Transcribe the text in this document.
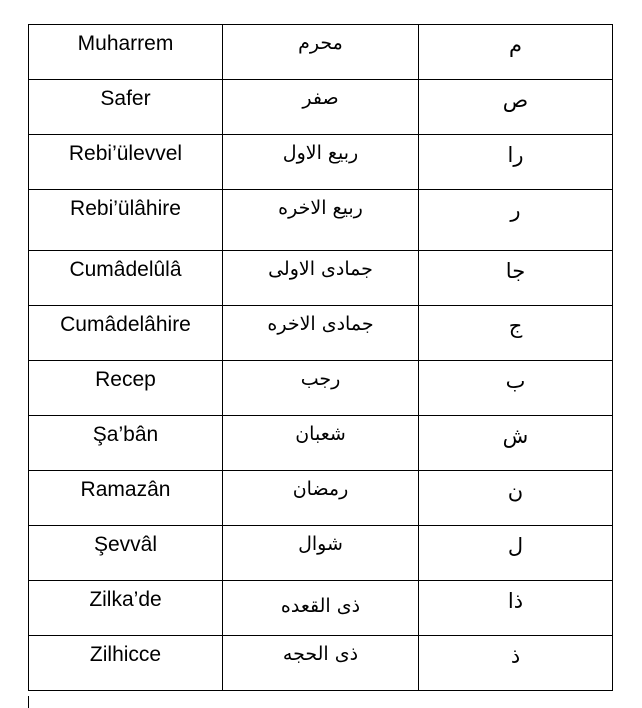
Muharrem	محرم	م

Safer	صفر	ص

Rebi’ülevvel	ربيع الاول	را

Rebi’ülâhire	ربيع الاخره	ر

Cumâdelûlâ	جمادى الاولى	جا

Cumâdelâhire	جمادى الاخره	ج

Recep	رجب	ب

Şa’bân	شعبان	ش

Ramazân	رمضان	ن

Şevvâl	شوال	ل

Zilka’de	ذى القعده	ذا

Zilhicce	ذى الحجه	ذ
